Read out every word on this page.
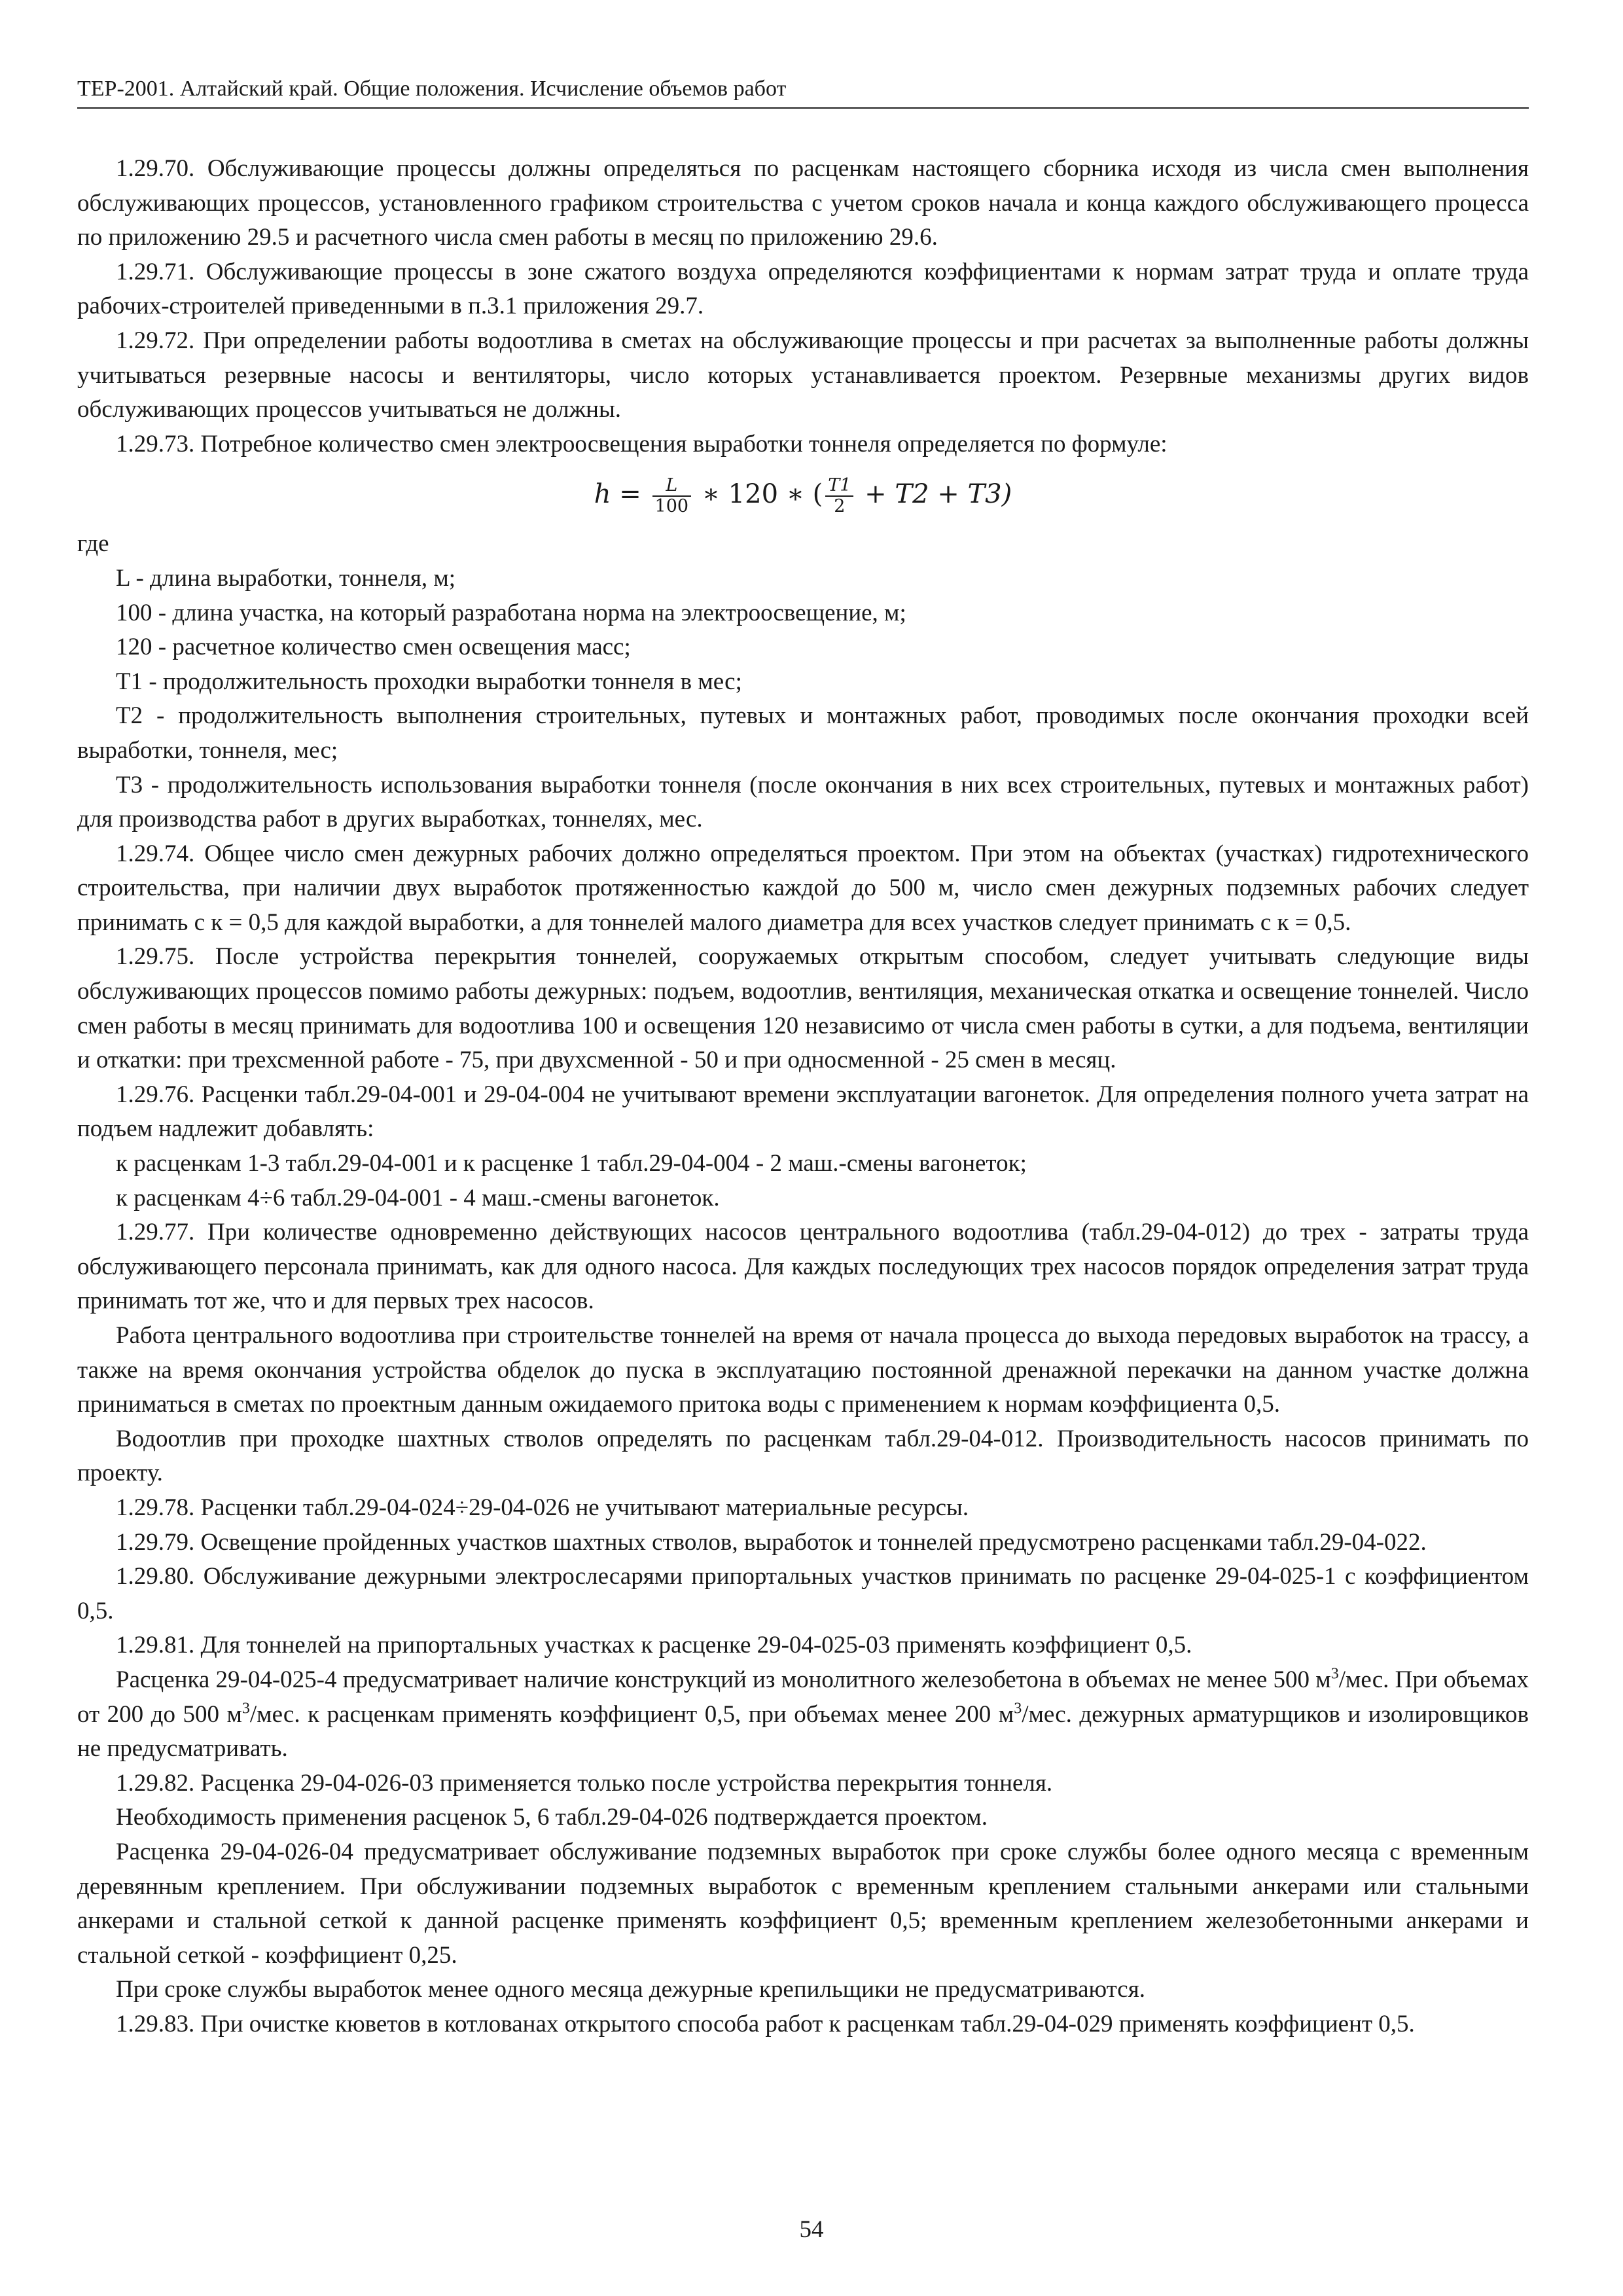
ТЕР-2001. Алтайский край. Общие положения. Исчисление объемов работ

1.29.70. Обслуживающие процессы должны определяться по расценкам настоящего сборника исходя из числа смен выполнения обслуживающих процессов, установленного графиком строительства с учетом сроков начала и конца каждого обслуживающего процесса по приложению 29.5 и расчетного числа смен работы в месяц по приложению 29.6.

1.29.71. Обслуживающие процессы в зоне сжатого воздуха определяются коэффициентами к нормам затрат труда и оплате труда рабочих-строителей приведенными в п.3.1 приложения 29.7.

1.29.72. При определении работы водоотлива в сметах на обслуживающие процессы и при расчетах за выполненные работы должны учитываться резервные насосы и вентиляторы, число которых устанавливается проектом. Резервные механизмы других видов обслуживающих процессов учитываться не должны.

1.29.73. Потребное количество смен электроосвещения выработки тоннеля определяется по формуле:

$h = \frac{L}{100}$ ∗ 120 ∗ ( $\frac{T1}{2} + T2 + T3$)

где

L - длина выработки, тоннеля, м;

100 - длина участка, на который разработана норма на электроосвещение, м;

120 - расчетное количество смен освещения масс;

T1 - продолжительность проходки выработки тоннеля в мес;

T2 - продолжительность выполнения строительных, путевых и монтажных работ, проводимых после окончания проходки всей выработки, тоннеля, мес;

T3 - продолжительность использования выработки тоннеля (после окончания в них всех строительных, путевых и монтажных работ) для производства работ в других выработках, тоннелях, мес.

1.29.74. Общее число смен дежурных рабочих должно определяться проектом. При этом на объектах (участках) гидротехнического строительства, при наличии двух выработок протяженностью каждой до 500 м, число смен дежурных подземных рабочих следует принимать с к = 0,5 для каждой выработки, а для тоннелей малого диаметра для всех участков следует принимать с к = 0,5.

1.29.75. После устройства перекрытия тоннелей, сооружаемых открытым способом, следует учитывать следующие виды обслуживающих процессов помимо работы дежурных: подъем, водоотлив, вентиляция, механическая откатка и освещение тоннелей. Число смен работы в месяц принимать для водоотлива 100 и освещения 120 независимо от числа смен работы в сутки, а для подъема, вентиляции и откатки: при трехсменной работе - 75, при двухсменной - 50 и при односменной - 25 смен в месяц.

1.29.76. Расценки табл.29-04-001 и 29-04-004 не учитывают времени эксплуатации вагонеток. Для определения полного учета затрат на подъем надлежит добавлять:

к расценкам 1-3 табл.29-04-001 и к расценке 1 табл.29-04-004 - 2 маш.-смены вагонеток;

к расценкам 4÷6 табл.29-04-001 - 4 маш.-смены вагонеток.

1.29.77. При количестве одновременно действующих насосов центрального водоотлива (табл.29-04-012) до трех - затраты труда обслуживающего персонала принимать, как для одного насоса. Для каждых последующих трех насосов порядок определения затрат труда принимать тот же, что и для первых трех насосов.

Работа центрального водоотлива при строительстве тоннелей на время от начала процесса до выхода передовых выработок на трассу, а также на время окончания устройства обделок до пуска в эксплуатацию постоянной дренажной перекачки на данном участке должна приниматься в сметах по проектным данным ожидаемого притока воды с применением к нормам коэффициента 0,5.

Водоотлив при проходке шахтных стволов определять по расценкам табл.29-04-012. Производительность насосов принимать по проекту.

1.29.78. Расценки табл.29-04-024÷29-04-026 не учитывают материальные ресурсы.

1.29.79. Освещение пройденных участков шахтных стволов, выработок и тоннелей предусмотрено расценками табл.29-04-022.

1.29.80. Обслуживание дежурными электрослесарями припортальных участков принимать по расценке 29-04-025-1 с коэффициентом 0,5.

1.29.81. Для тоннелей на припортальных участках к расценке 29-04-025-03 применять коэффициент 0,5.

Расценка 29-04-025-4 предусматривает наличие конструкций из монолитного железобетона в объемах не менее 500 $м^3$/мес. При объемах от 200 до 500 $м^3$/мес. к расценкам применять коэффициент 0,5, при объемах менее 200 $м^3$/мес. дежурных арматурщиков и изолировщиков не предусматривать.

1.29.82. Расценка 29-04-026-03 применяется только после устройства перекрытия тоннеля.

Необходимость применения расценок 5, 6 табл.29-04-026 подтверждается проектом.

Расценка 29-04-026-04 предусматривает обслуживание подземных выработок при сроке службы более одного месяца с временным деревянным креплением. При обслуживании подземных выработок с временным креплением стальными анкерами или стальными анкерами и стальной сеткой к данной расценке применять коэффициент 0,5; временным креплением железобетонными анкерами и стальной сеткой - коэффициент 0,25.

При сроке службы выработок менее одного месяца дежурные крепильщики не предусматриваются.

1.29.83. При очистке кюветов в котлованах открытого способа работ к расценкам табл.29-04-029 применять коэффициент 0,5.

54
